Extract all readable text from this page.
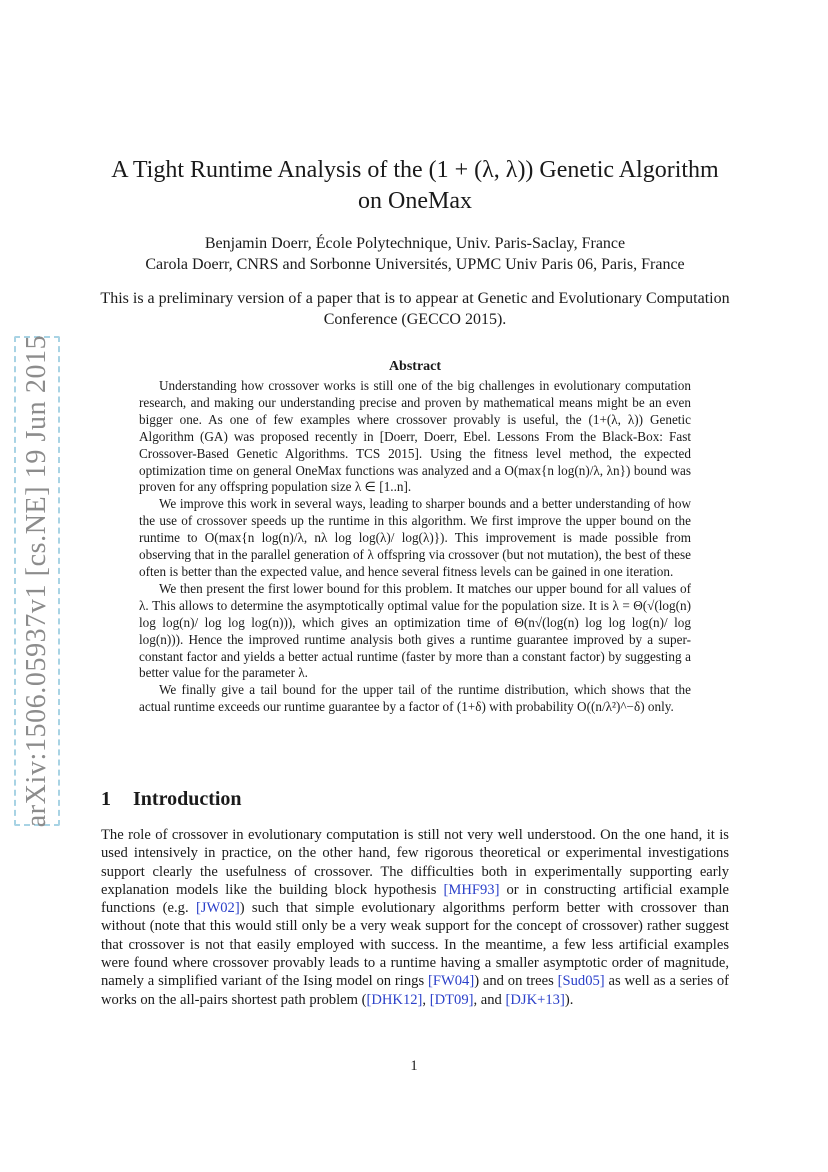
arXiv:1506.05937v1 [cs.NE] 19 Jun 2015
A Tight Runtime Analysis of the (1 + (λ, λ)) Genetic Algorithm
on OneMax
Benjamin Doerr, École Polytechnique, Univ. Paris-Saclay, France
Carola Doerr, CNRS and Sorbonne Universités, UPMC Univ Paris 06, Paris, France
This is a preliminary version of a paper that is to appear at Genetic and Evolutionary Computation Conference (GECCO 2015).
Abstract

Understanding how crossover works is still one of the big challenges in evolutionary computation research, and making our understanding precise and proven by mathematical means might be an even bigger one. As one of few examples where crossover provably is useful, the (1+(λ, λ)) Genetic Algorithm (GA) was proposed recently in [Doerr, Doerr, Ebel. Lessons From the Black-Box: Fast Crossover-Based Genetic Algorithms. TCS 2015]. Using the fitness level method, the expected optimization time on general OneMax functions was analyzed and a O(max{n log(n)/λ, λn}) bound was proven for any offspring population size λ ∈ [1..n].

We improve this work in several ways, leading to sharper bounds and a better understanding of how the use of crossover speeds up the runtime in this algorithm. We first improve the upper bound on the runtime to O(max{n log(n)/λ, nλ log log(λ)/ log(λ)}). This improvement is made possible from observing that in the parallel generation of λ offspring via crossover (but not mutation), the best of these often is better than the expected value, and hence several fitness levels can be gained in one iteration.

We then present the first lower bound for this problem. It matches our upper bound for all values of λ. This allows to determine the asymptotically optimal value for the population size. It is λ = Θ(√(log(n) log log(n)/ log log log(n))), which gives an optimization time of Θ(n√(log(n) log log log(n)/ log log(n))). Hence the improved runtime analysis both gives a runtime guarantee improved by a super-constant factor and yields a better actual runtime (faster by more than a constant factor) by suggesting a better value for the parameter λ.

We finally give a tail bound for the upper tail of the runtime distribution, which shows that the actual runtime exceeds our runtime guarantee by a factor of (1+δ) with probability O((n/λ²)^−δ) only.

1 Introduction

The role of crossover in evolutionary computation is still not very well understood. On the one hand, it is used intensively in practice, on the other hand, few rigorous theoretical or experimental investigations support clearly the usefulness of crossover. The difficulties both in experimentally supporting early explanation models like the building block hypothesis [MHF93] or in constructing artificial example functions (e.g. [JW02]) such that simple evolutionary algorithms perform better with crossover than without (note that this would still only be a very weak support for the concept of crossover) rather suggest that crossover is not that easily employed with success. In the meantime, a few less artificial examples were found where crossover provably leads to a runtime having a smaller asymptotic order of magnitude, namely a simplified variant of the Ising model on rings [FW04]) and on trees [Sud05] as well as a series of works on the all-pairs shortest path problem ([DHK12], [DT09], and [DJK+13]).

1
